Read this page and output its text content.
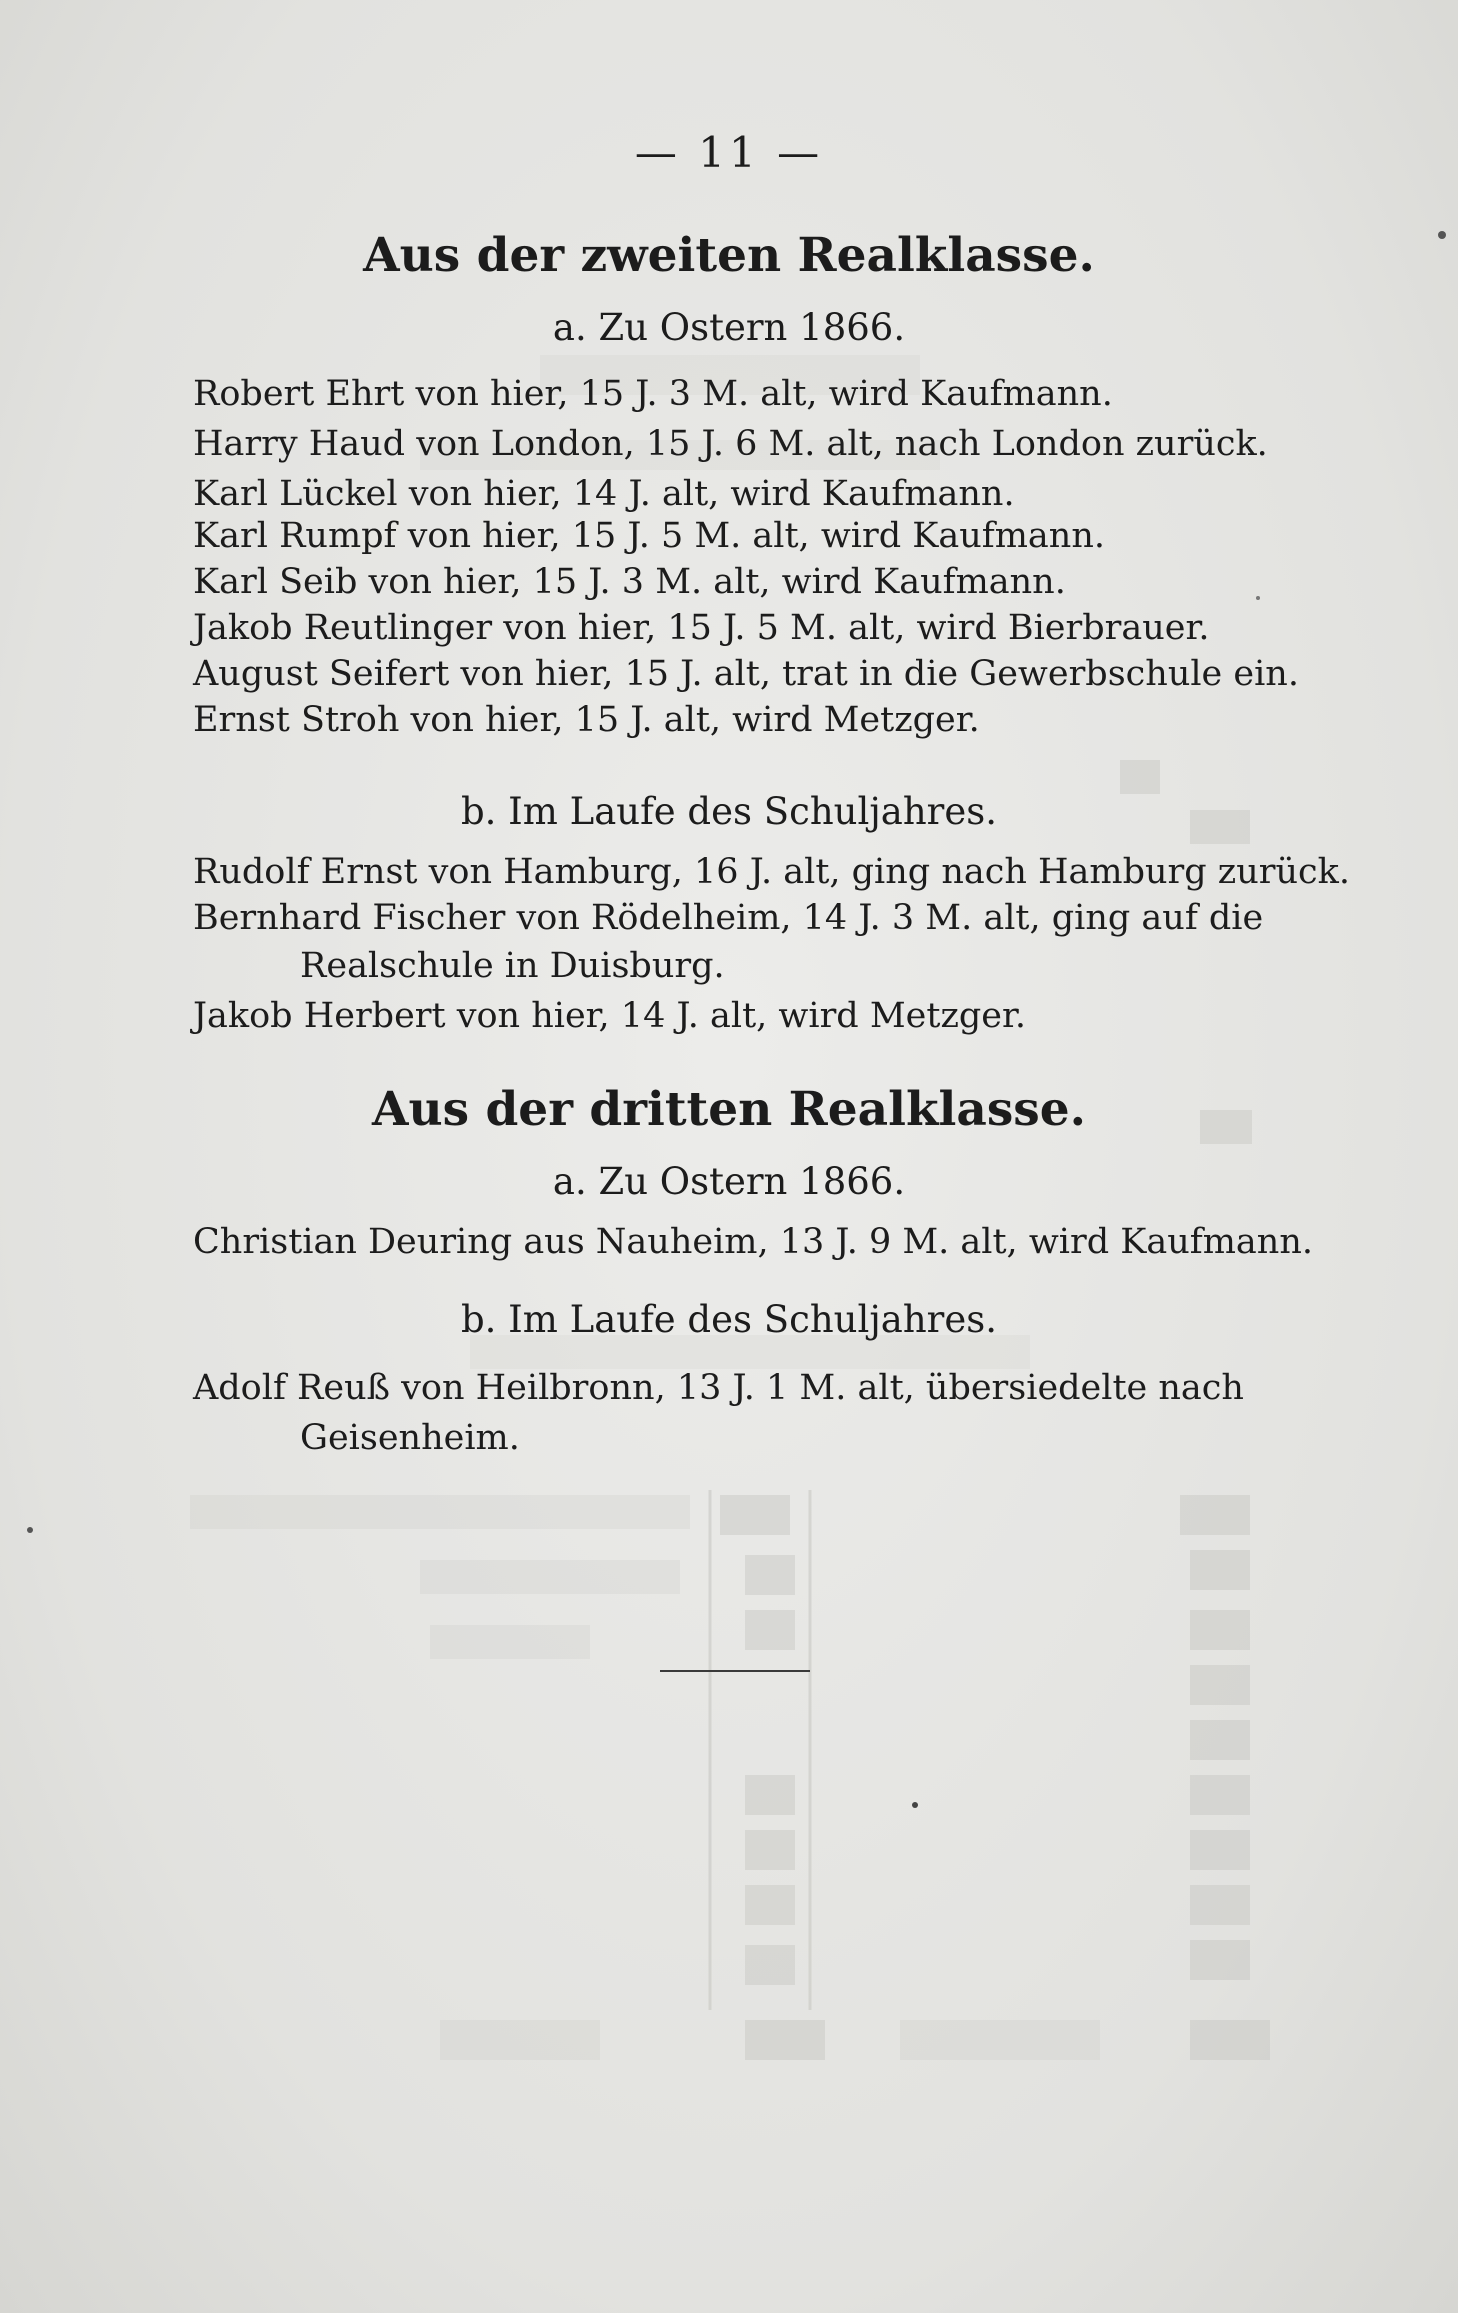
— 11 —
Aus der zweiten Realklasse.
a. Zu Ostern 1866.
Robert Ehrt von hier, 15 J. 3 M. alt, wird Kaufmann.
Harry Haud von London, 15 J. 6 M. alt, nach London zurück.
Karl Lückel von hier, 14 J. alt, wird Kaufmann.
Karl Rumpf von hier, 15 J. 5 M. alt, wird Kaufmann.
Karl Seib von hier, 15 J. 3 M. alt, wird Kaufmann.
Jakob Reutlinger von hier, 15 J. 5 M. alt, wird Bierbrauer.
August Seifert von hier, 15 J. alt, trat in die Gewerbschule ein.
Ernst Stroh von hier, 15 J. alt, wird Metzger.
b. Im Laufe des Schuljahres.
Rudolf Ernst von Hamburg, 16 J. alt, ging nach Hamburg zurück.
Bernhard Fischer von Rödelheim, 14 J. 3 M. alt, ging auf die
Realschule in Duisburg.
Jakob Herbert von hier, 14 J. alt, wird Metzger.
Aus der dritten Realklasse.
a. Zu Ostern 1866.
Christian Deuring aus Nauheim, 13 J. 9 M. alt, wird Kaufmann.
b. Im Laufe des Schuljahres.
Adolf Reuß von Heilbronn, 13 J. 1 M. alt, übersiedelte nach
Geisenheim.
